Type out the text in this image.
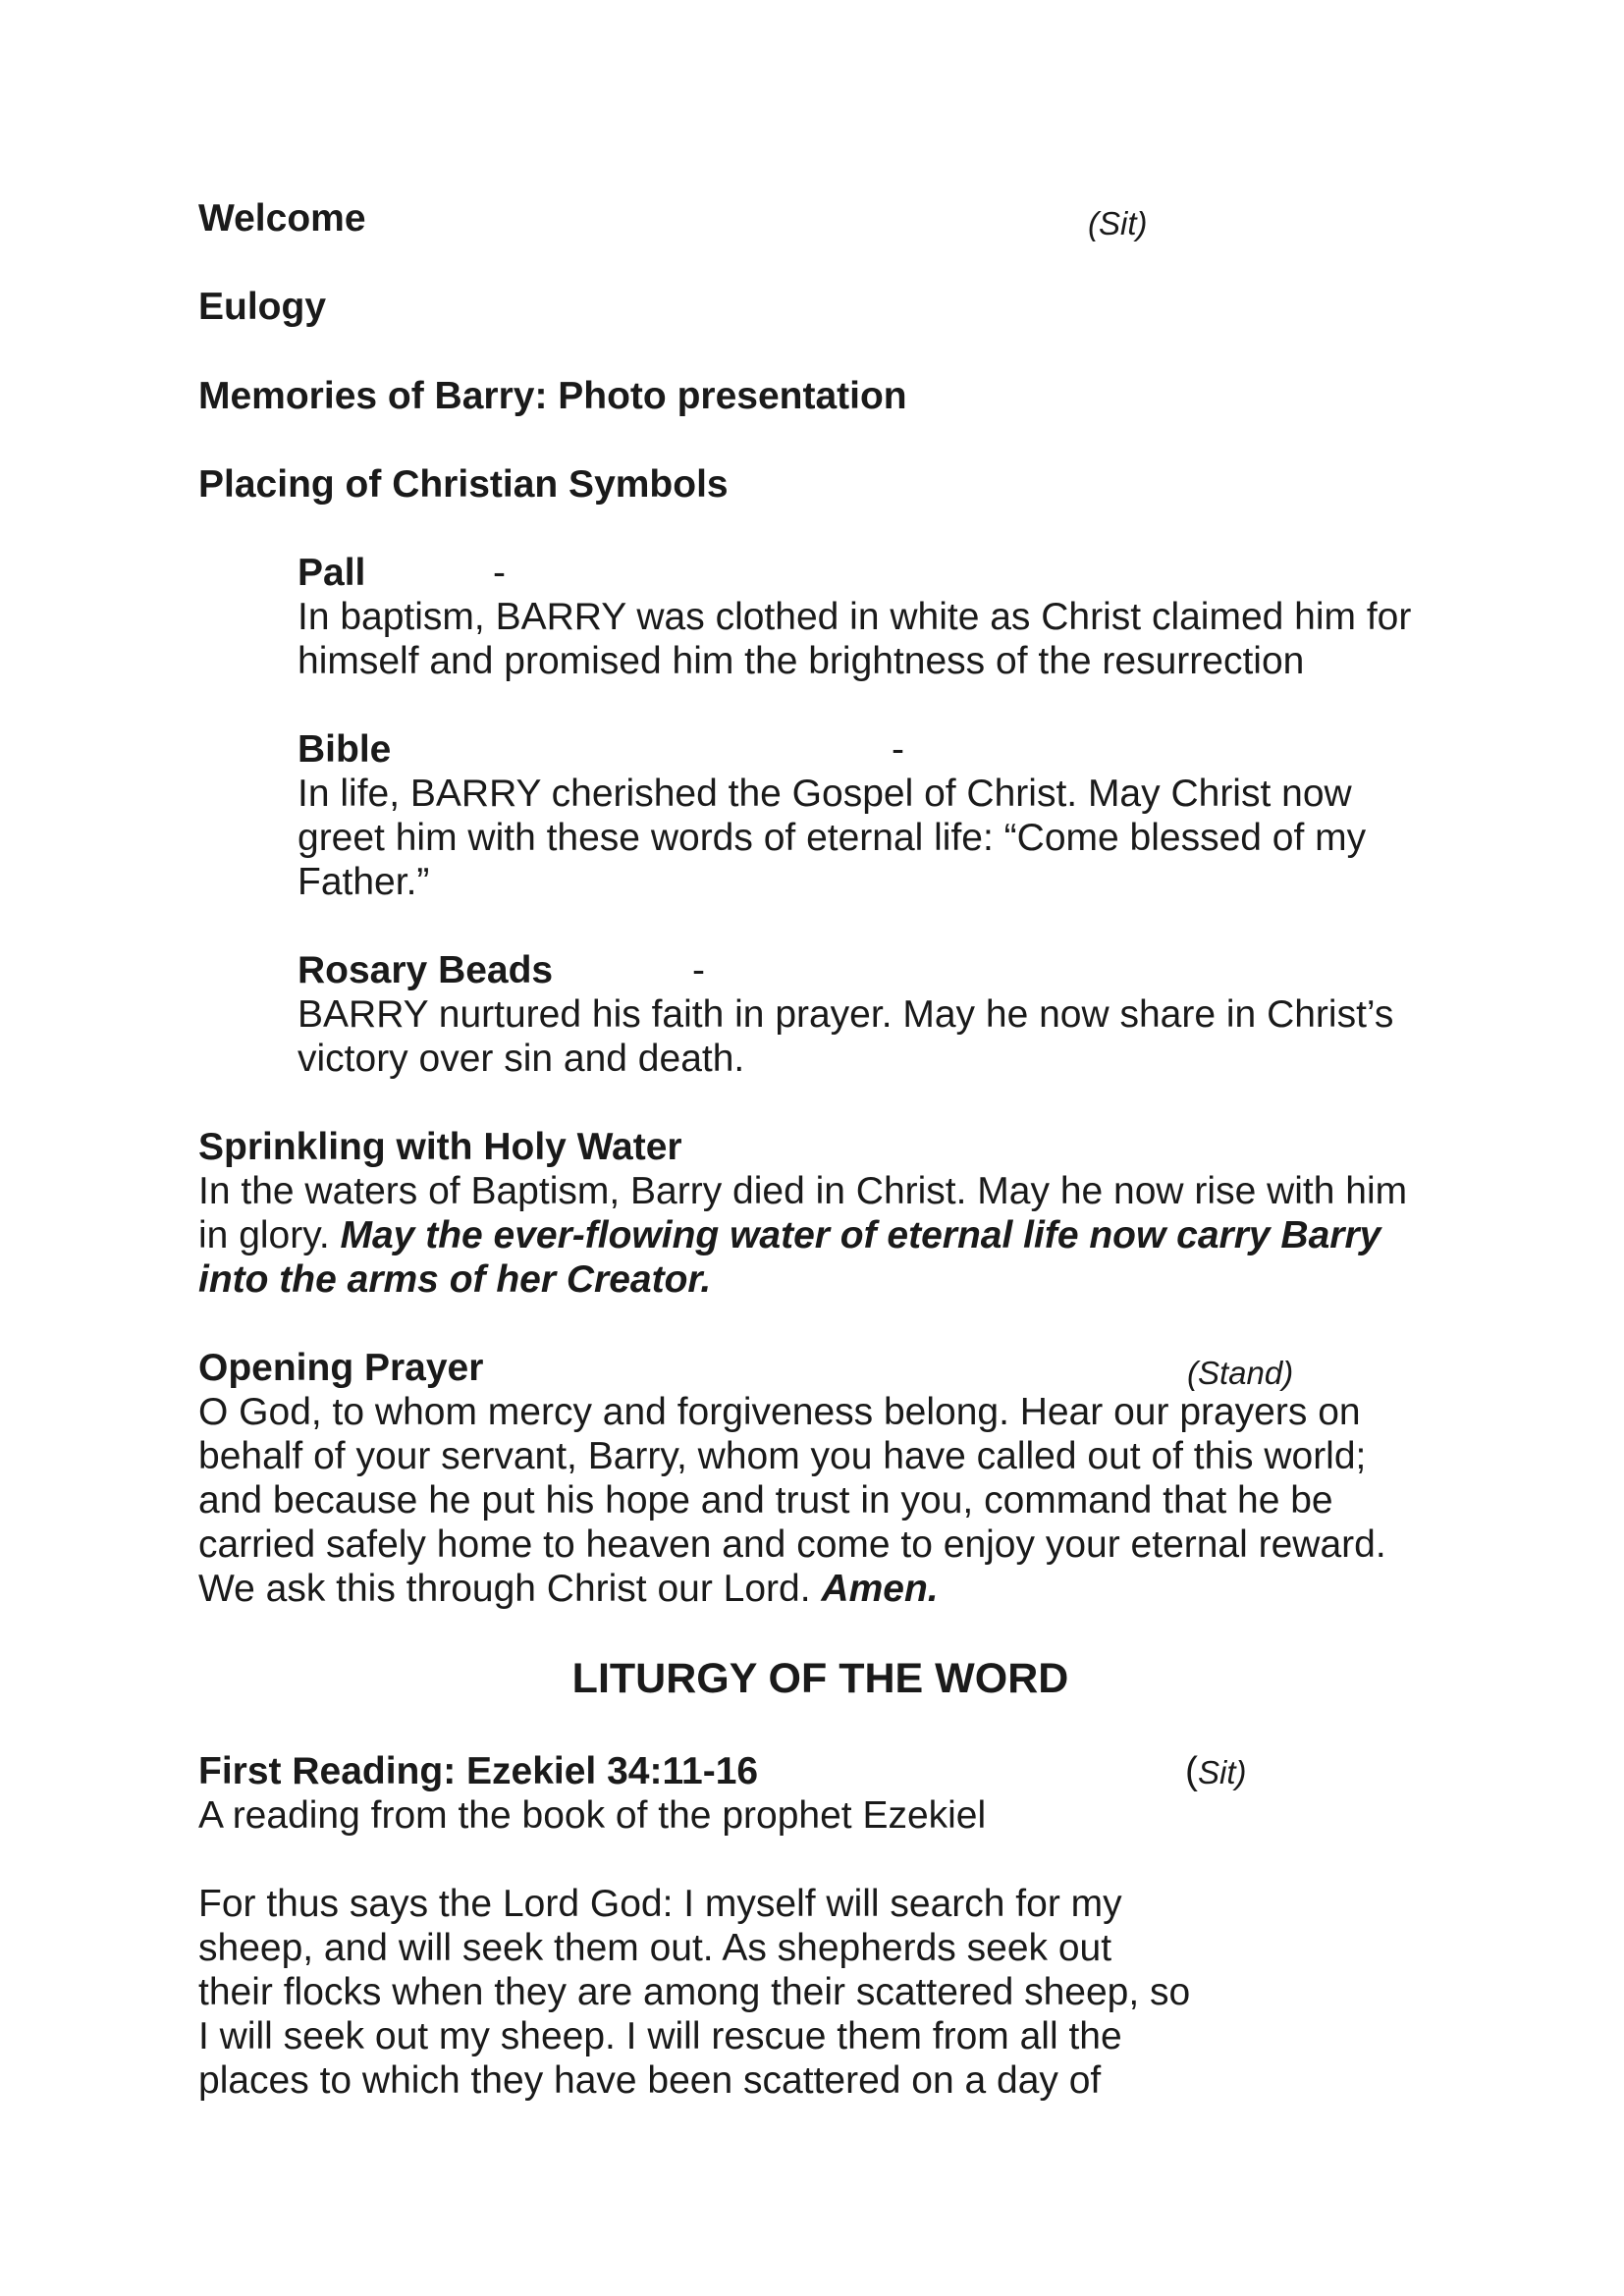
Welcome	(Sit)
Eulogy
Memories of Barry: Photo presentation
Placing of Christian Symbols
Pall	-
In baptism, BARRY was clothed in white as Christ claimed him for
himself and promised him the brightness of the resurrection
Bible	-
In life, BARRY cherished the Gospel of Christ. May Christ now
greet him with these words of eternal life: “Come blessed of my
Father.”
Rosary Beads	-
BARRY nurtured his faith in prayer. May he now share in Christ’s
victory over sin and death.
Sprinkling with Holy Water
In the waters of Baptism, Barry died in Christ. May he now rise with him
in glory. May the ever-flowing water of eternal life now carry Barry
into the arms of her Creator.
Opening Prayer	(Stand)
O God, to whom mercy and forgiveness belong. Hear our prayers on
behalf of your servant, Barry, whom you have called out of this world;
and because he put his hope and trust in you, command that he be
carried safely home to heaven and come to enjoy your eternal reward.
We ask this through Christ our Lord. Amen.
LITURGY OF THE WORD
First Reading: Ezekiel 34:11-16	(Sit)
A reading from the book of the prophet Ezekiel
For thus says the Lord God: I myself will search for my
sheep, and will seek them out. As shepherds seek out
their flocks when they are among their scattered sheep, so
I will seek out my sheep. I will rescue them from all the
places to which they have been scattered on a day of
